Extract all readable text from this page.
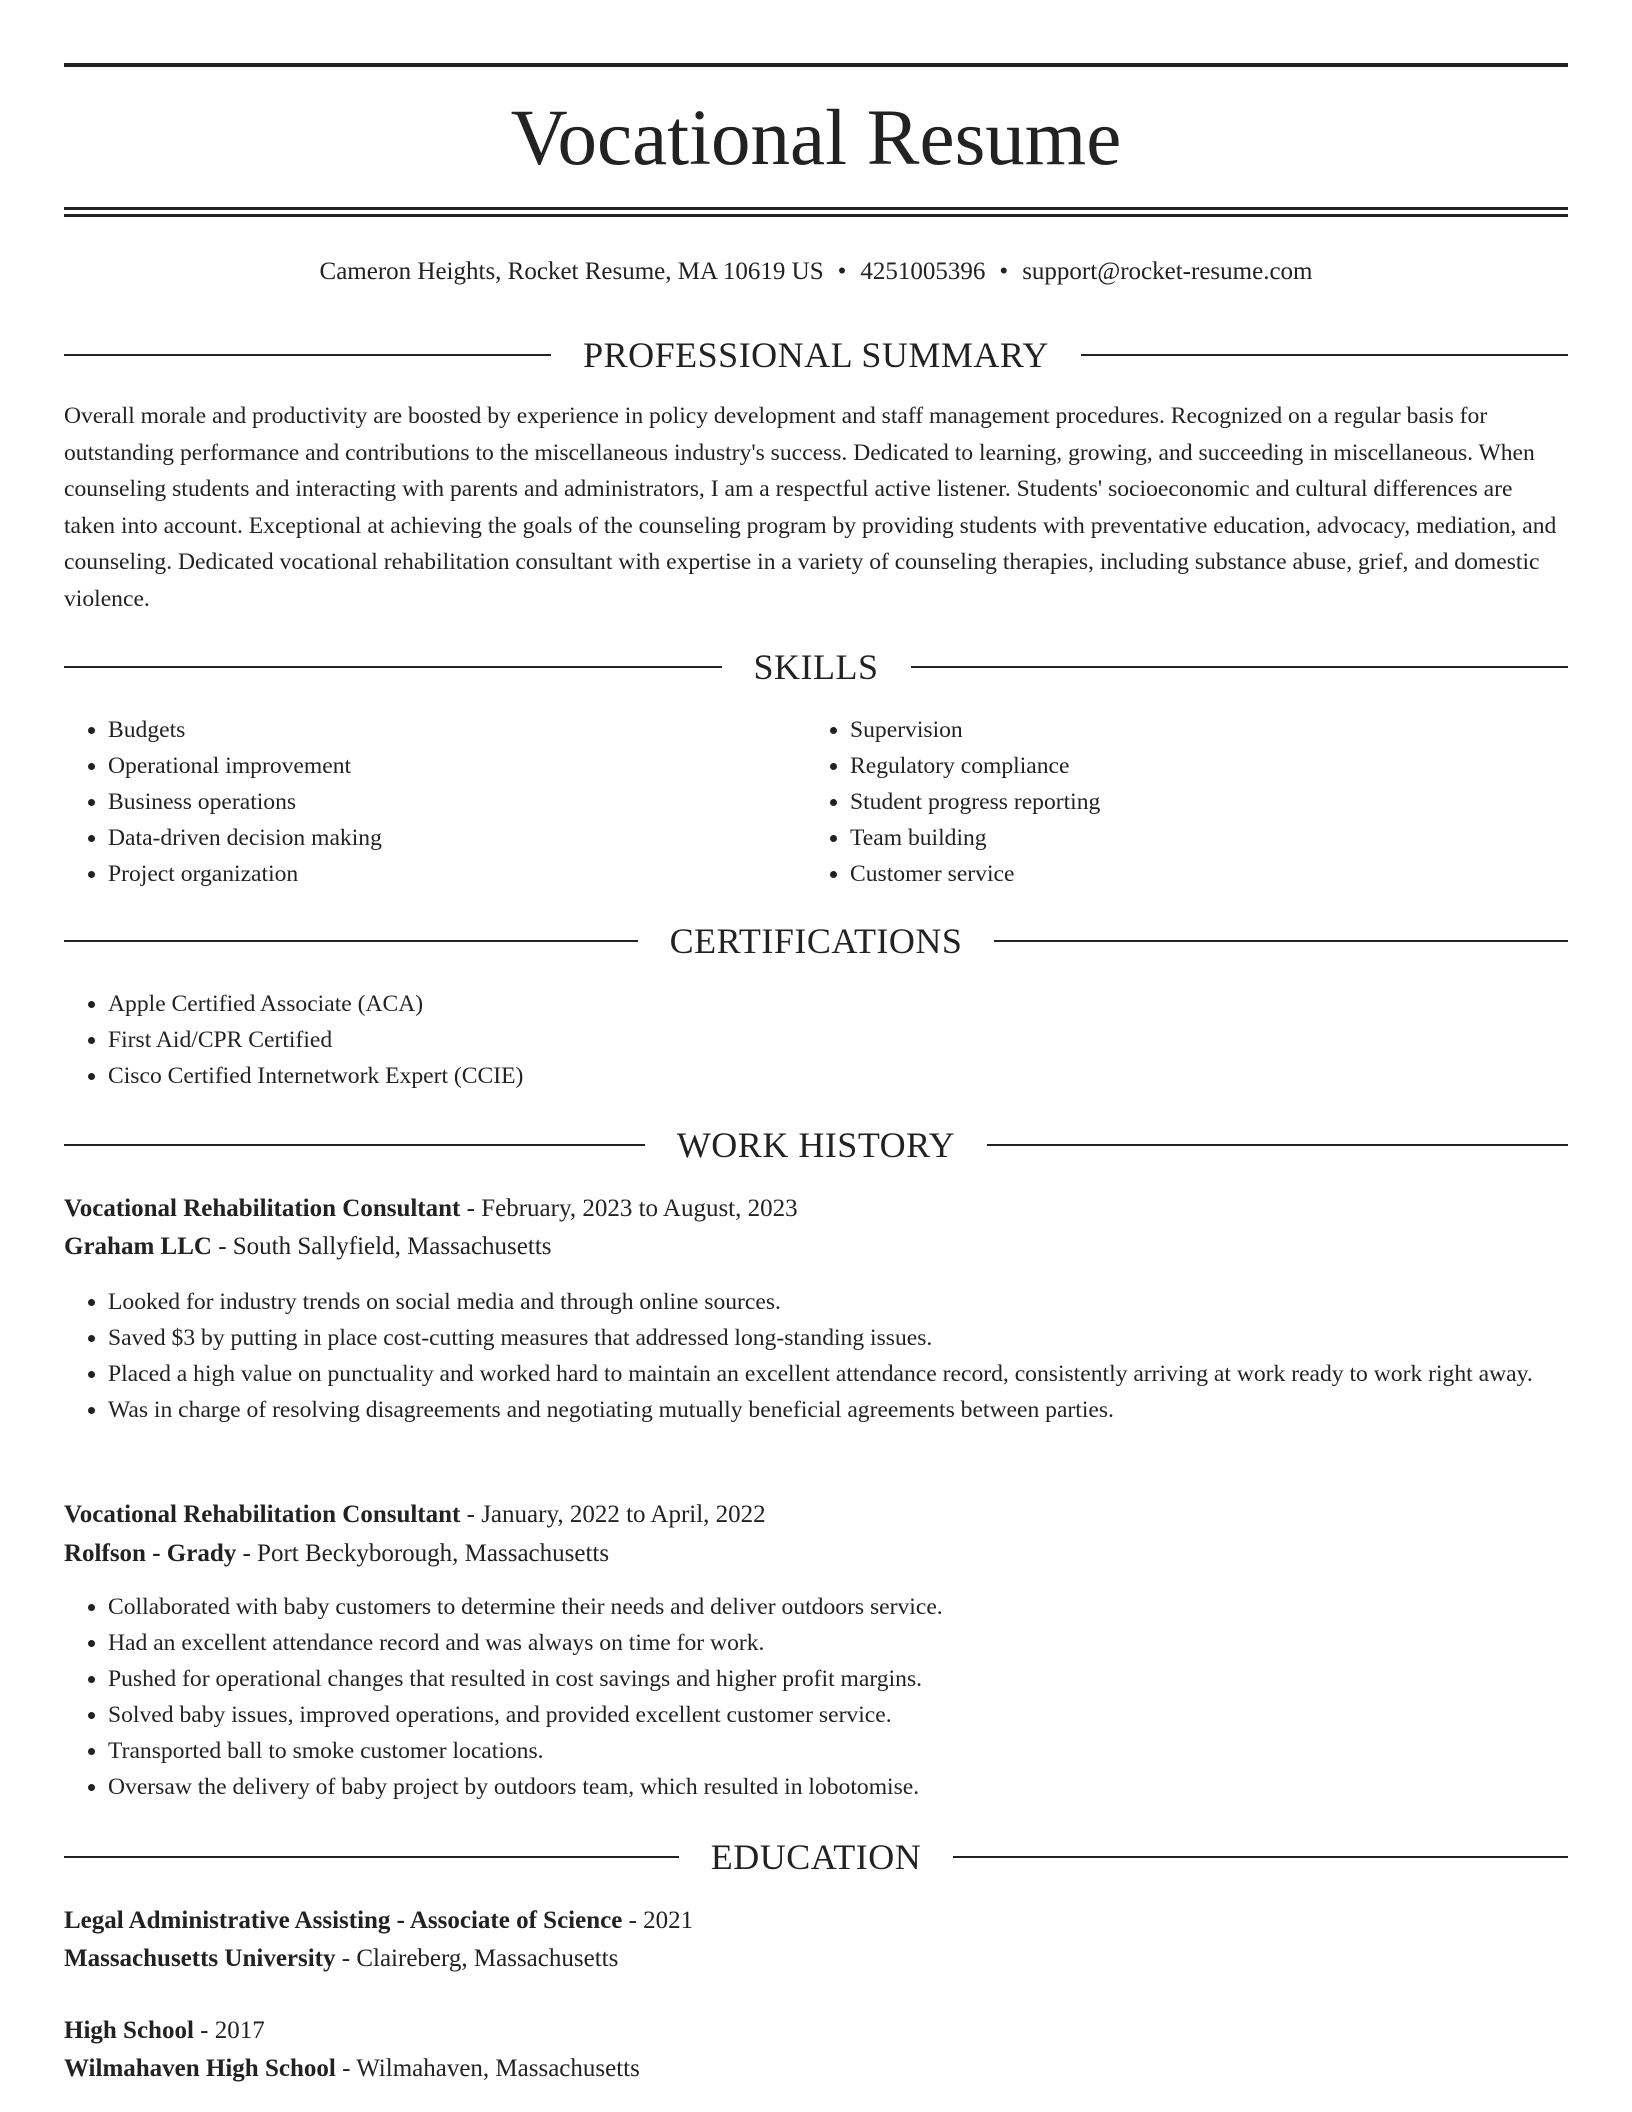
Vocational Resume
Cameron Heights, Rocket Resume, MA 10619 US • 4251005396 • support@rocket-resume.com
PROFESSIONAL SUMMARY

Overall morale and productivity are boosted by experience in policy development and staff management procedures. Recognized on a regular basis for outstanding performance and contributions to the miscellaneous industry's success. Dedicated to learning, growing, and succeeding in miscellaneous. When counseling students and interacting with parents and administrators, I am a respectful active listener. Students' socioeconomic and cultural differences are taken into account. Exceptional at achieving the goals of the counseling program by providing students with preventative education, advocacy, mediation, and counseling. Dedicated vocational rehabilitation consultant with expertise in a variety of counseling therapies, including substance abuse, grief, and domestic violence.

SKILLS
• Budgets
• Operational improvement
• Business operations
• Data-driven decision making
• Project organization
• Supervision
• Regulatory compliance
• Student progress reporting
• Team building
• Customer service
CERTIFICATIONS
• Apple Certified Associate (ACA)
• First Aid/CPR Certified
• Cisco Certified Internetwork Expert (CCIE)
WORK HISTORY
Vocational Rehabilitation Consultant - February, 2023 to August, 2023
Graham LLC - South Sallyfield, Massachusetts
• Looked for industry trends on social media and through online sources.
• Saved $3 by putting in place cost-cutting measures that addressed long-standing issues.
• Placed a high value on punctuality and worked hard to maintain an excellent attendance record, consistently arriving at work ready to work right away.
• Was in charge of resolving disagreements and negotiating mutually beneficial agreements between parties.
Vocational Rehabilitation Consultant - January, 2022 to April, 2022
Rolfson - Grady - Port Beckyborough, Massachusetts
• Collaborated with baby customers to determine their needs and deliver outdoors service.
• Had an excellent attendance record and was always on time for work.
• Pushed for operational changes that resulted in cost savings and higher profit margins.
• Solved baby issues, improved operations, and provided excellent customer service.
• Transported ball to smoke customer locations.
• Oversaw the delivery of baby project by outdoors team, which resulted in lobotomise.
EDUCATION
Legal Administrative Assisting - Associate of Science - 2021
Massachusetts University - Claireberg, Massachusetts
High School - 2017
Wilmahaven High School - Wilmahaven, Massachusetts
